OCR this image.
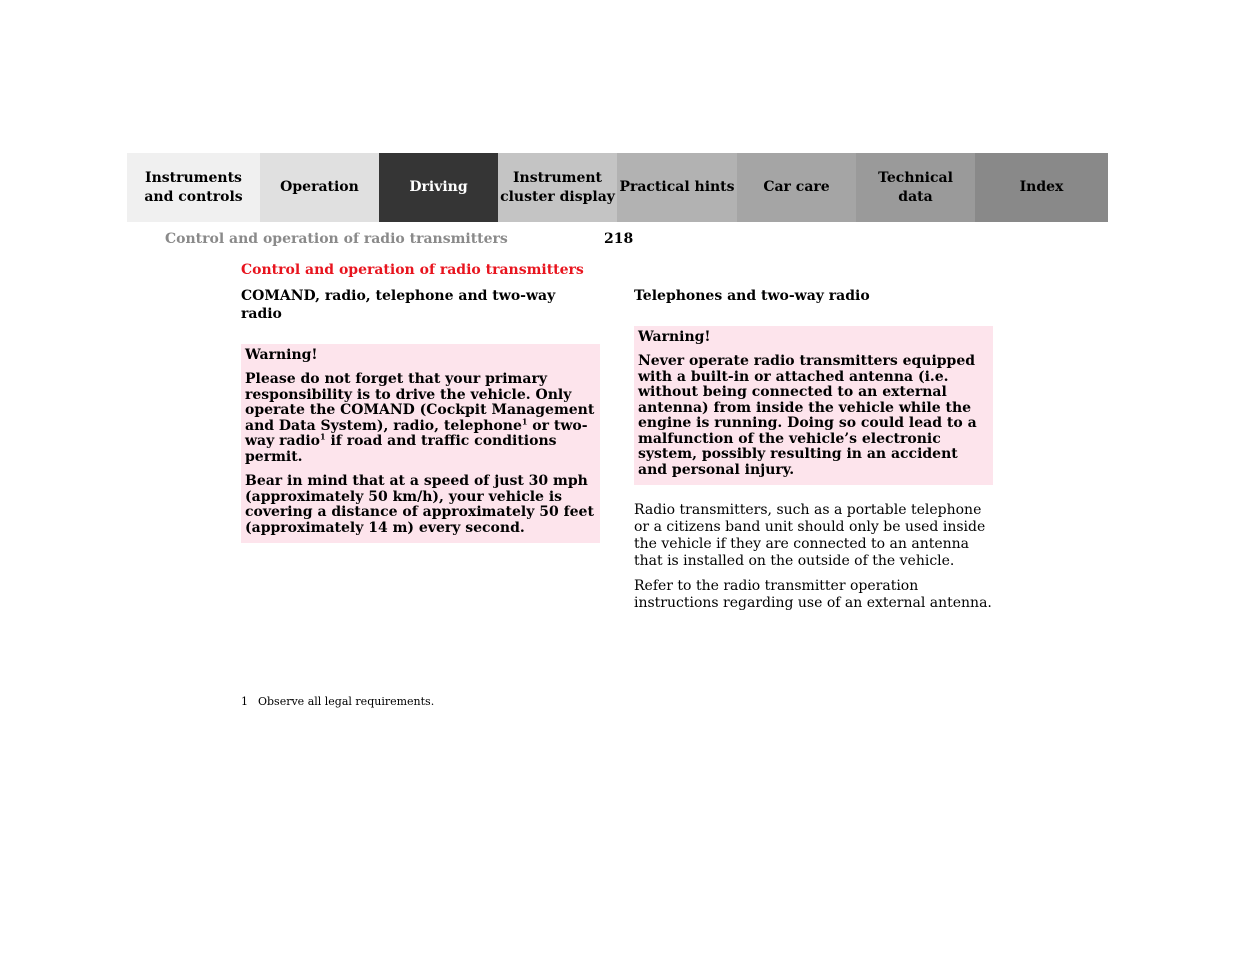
Instruments
and controls
Operation	Driving
Instrument
cluster display
Practical hints	Car care
Technical
data
Index
Control and operation of radio transmitters	218
Control and operation of radio transmitters
COMAND, radio, telephone and two-way radio

Warning!

Please do not forget that your primary responsibility is to drive the vehicle. Only operate the COMAND (Cockpit Management and Data System), radio, telephone$^1$ or two-way radio$^1$ if road and traffic conditions permit.

Bear in mind that at a speed of just 30 mph (approximately 50 km/h), your vehicle is covering a distance of approximately 50 feet (approximately 14 m) every second.

Telephones and two-way radio

Warning!

Never operate radio transmitters equipped with a built-in or attached antenna (i.e. without being connected to an external antenna) from inside the vehicle while the engine is running. Doing so could lead to a malfunction of the vehicle’s electronic system, possibly resulting in an accident and personal injury.

Radio transmitters, such as a portable telephone or a citizens band unit should only be used inside the vehicle if they are connected to an antenna that is installed on the outside of the vehicle.

Refer to the radio transmitter operation instructions regarding use of an external antenna.

1 Observe all legal requirements.
